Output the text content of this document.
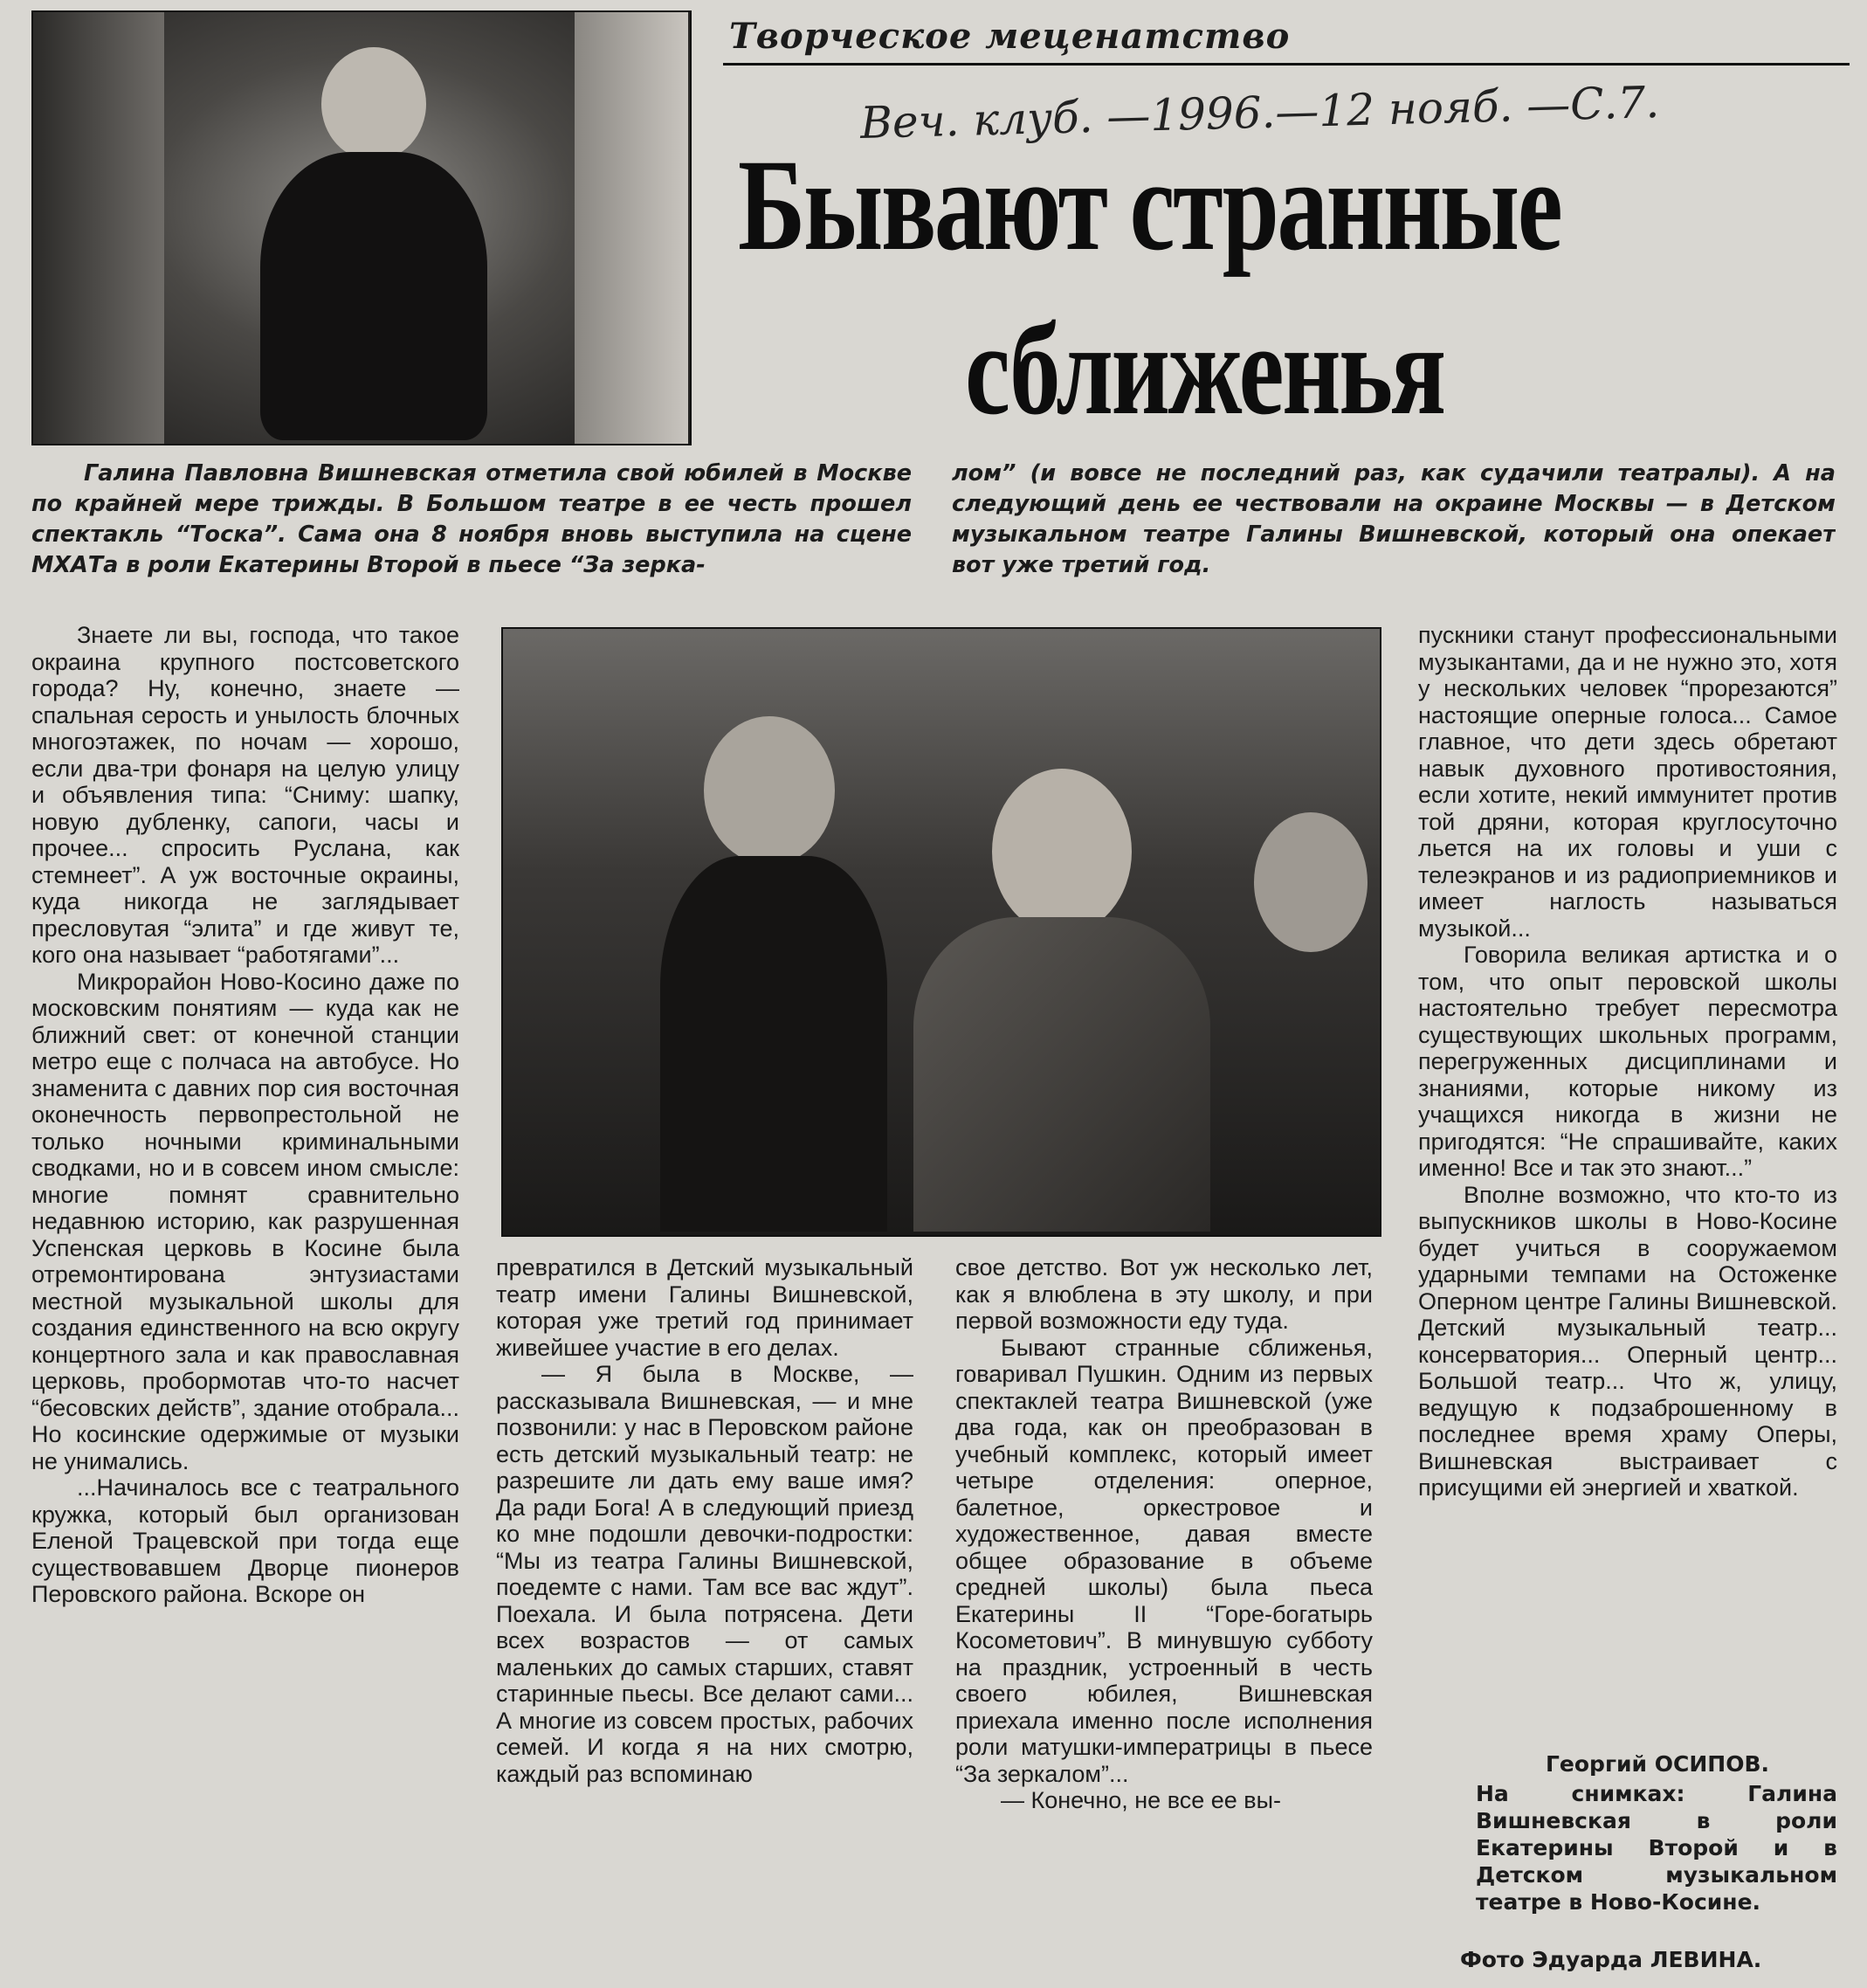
Творческое меценатство
Веч. клуб. —1996.—12 нояб. —С.7.
Бывают странные
сближенья

Галина Павловна Вишневская отметила свой юбилей в Москве по крайней мере трижды. В Большом театре в ее честь прошел спектакль “Тоска”. Сама она 8 ноября вновь выступила на сцене МХАТа в роли Екатерины Второй в пьесе “За зерка-

лом” (и вовсе не последний раз, как судачили театралы). А на следующий день ее чествовали на окраине Москвы — в Детском музыкальном театре Галины Вишневской, который она опекает вот уже третий год.

Знаете ли вы, господа, что такое окраина крупного постсоветского города? Ну, конечно, знаете — спальная серость и унылость блочных многоэтажек, по ночам — хорошо, если два-три фонаря на целую улицу и объявления типа: “Сниму: шапку, новую дубленку, сапоги, часы и прочее... спросить Руслана, как стемнеет”. А уж восточные окраины, куда никогда не заглядывает пресловутая “элита” и где живут те, кого она называет “работягами”...

Микрорайон Ново-Косино даже по московским понятиям — куда как не ближний свет: от конечной станции метро еще с полчаса на автобусе. Но знаменита с давних пор сия восточная оконечность первопрестольной не только ночными криминальными сводками, но и в совсем ином смысле: многие помнят сравнительно недавнюю историю, как разрушенная Успенская церковь в Косине была отремонтирована энтузиастами местной музыкальной школы для создания единственного на всю округу концертного зала и как православная церковь, пробормотав что-то насчет “бесовских действ”, здание отобрала... Но косинские одержимые от музыки не унимались.

...Начиналось все с театрального кружка, который был организован Еленой Трацевской при тогда еще существовавшем Дворце пионеров Перовского района. Вскоре он

превратился в Детский музыкальный театр имени Галины Вишневской, которая уже третий год принимает живейшее участие в его делах.

— Я была в Москве, — рассказывала Вишневская, — и мне позвонили: у нас в Перовском районе есть детский музыкальный театр: не разрешите ли дать ему ваше имя? Да ради Бога! А в следующий приезд ко мне подошли девочки-подростки: “Мы из театра Галины Вишневской, поедемте с нами. Там все вас ждут”. Поехала. И была потрясена. Дети всех возрастов — от самых маленьких до самых старших, ставят старинные пьесы. Все делают сами... А многие из совсем простых, рабочих семей. И когда я на них смотрю, каждый раз вспоминаю

свое детство. Вот уж несколько лет, как я влюблена в эту школу, и при первой возможности еду туда.

Бывают странные сближенья, говаривал Пушкин. Одним из первых спектаклей театра Вишневской (уже два года, как он преобразован в учебный комплекс, который имеет четыре отделения: оперное, балетное, оркестровое и художественное, давая вместе общее образование в объеме средней школы) была пьеса Екатерины II “Горе-богатырь Косометович”. В минувшую субботу на праздник, устроенный в честь своего юбилея, Вишневская приехала именно после исполнения роли матушки-императрицы в пьесе “За зеркалом”...

— Конечно, не все ее вы-

пускники станут профессиональными музыкантами, да и не нужно это, хотя у нескольких человек “прорезаются” настоящие оперные голоса... Самое главное, что дети здесь обретают навык духовного противостояния, если хотите, некий иммунитет против той дряни, которая круглосуточно льется на их головы и уши с телеэкранов и из радиоприемников и имеет наглость называться музыкой...

Говорила великая артистка и о том, что опыт перовской школы настоятельно требует пересмотра существующих школьных программ, перегруженных дисциплинами и знаниями, которые никому из учащихся никогда в жизни не пригодятся: “Не спрашивайте, каких именно! Все и так это знают...”

Вполне возможно, что кто-то из выпускников школы в Ново-Косине будет учиться в сооружаемом ударными темпами на Остоженке Оперном центре Галины Вишневской. Детский музыкальный театр... консерватория... Оперный центр... Большой театр... Что ж, улицу, ведущую к подзаброшенному в последнее время храму Оперы, Вишневская выстраивает с присущими ей энергией и хваткой.

Георгий ОСИПОВ.
На снимках: Галина Вишневская в роли Екатерины Второй и в Детском музыкальном театре в Ново-Косине.
Фото Эдуарда ЛЕВИНА.
